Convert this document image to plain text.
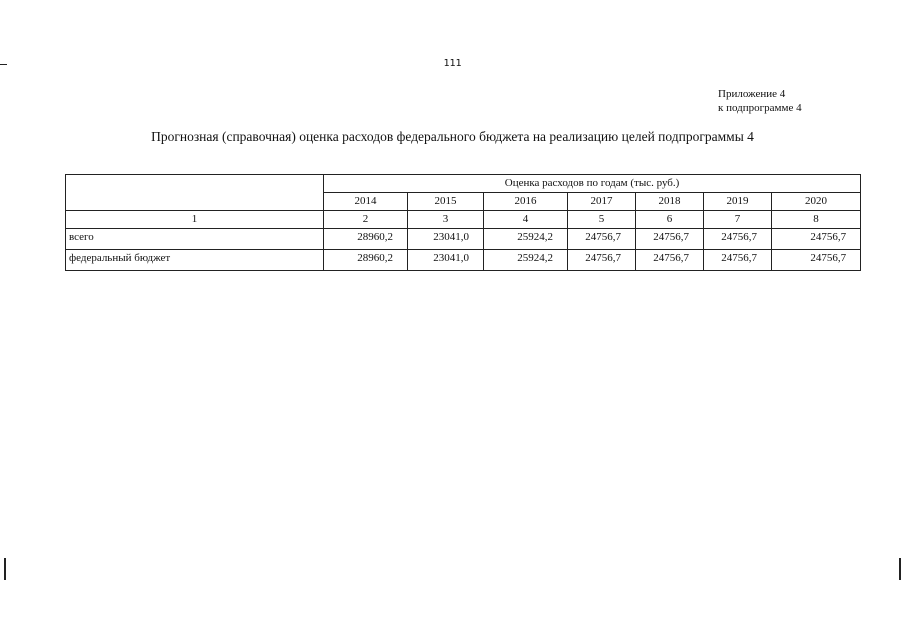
111
Приложение 4
к подпрограмме 4
Прогнозная (справочная) оценка расходов федерального бюджета на реализацию целей подпрограммы 4
	Оценка расходов по годам (тыс. руб.)						
	2014	2015	2016	2017	2018	2019	2020
1	2	3	4	5	6	7	8
всего	28960,2	23041,0	25924,2	24756,7	24756,7	24756,7	24756,7
федеральный бюджет	28960,2	23041,0	25924,2	24756,7	24756,7	24756,7	24756,7
